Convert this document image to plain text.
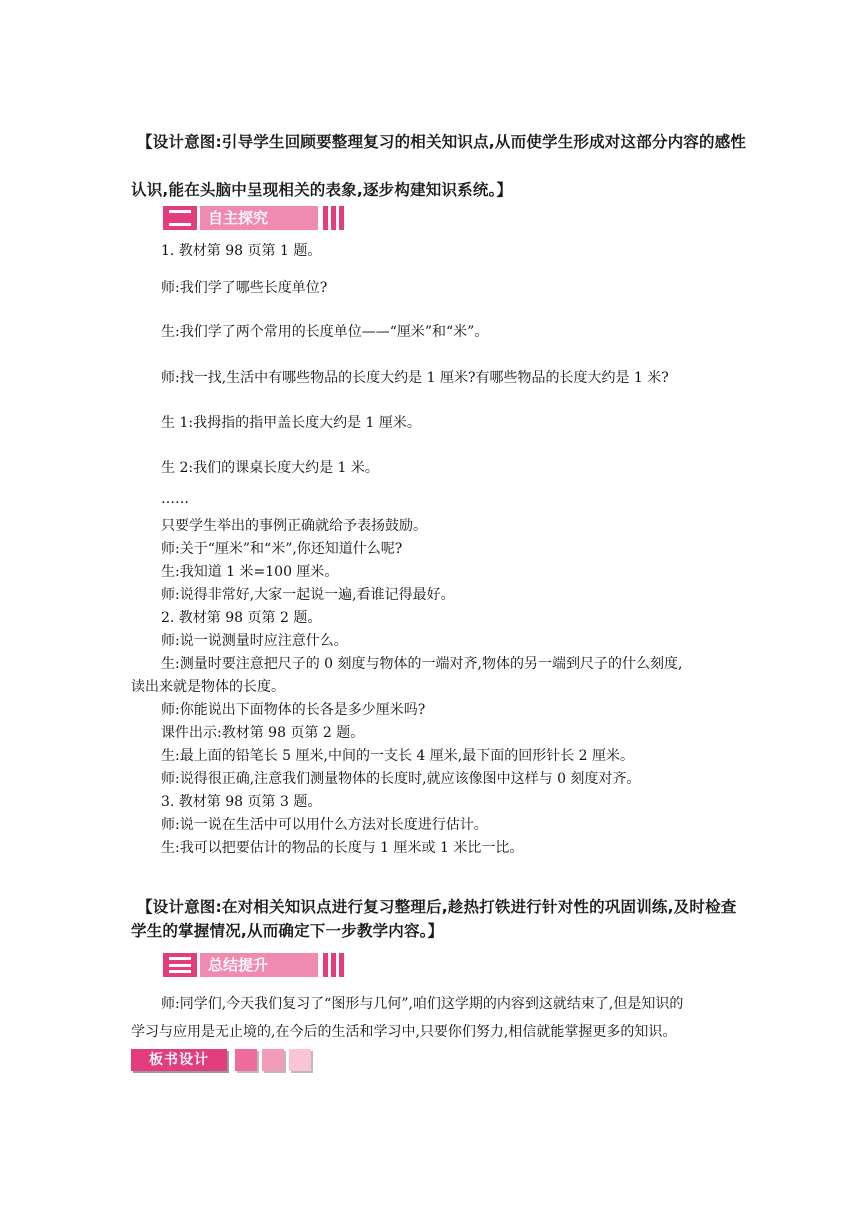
【设计意图:引导学生回顾要整理复习的相关知识点,从而使学生形成对这部分内容的感性认识,能在头脑中呈现相关的表象,逐步构建知识系统。】
自主探究

1. 教材第 98 页第 1 题。

师:我们学了哪些长度单位?

生:我们学了两个常用的长度单位——“厘米”和“米”。

师:找一找,生活中有哪些物品的长度大约是 1 厘米?有哪些物品的长度大约是 1 米?

生 1:我拇指的指甲盖长度大约是 1 厘米。

生 2:我们的课桌长度大约是 1 米。

……

只要学生举出的事例正确就给予表扬鼓励。

师:关于“厘米”和“米”,你还知道什么呢?

生:我知道 1 米=100 厘米。

师:说得非常好,大家一起说一遍,看谁记得最好。

2. 教材第 98 页第 2 题。

师:说一说测量时应注意什么。

生:测量时要注意把尺子的 0 刻度与物体的一端对齐,物体的另一端到尺子的什么刻度,

读出来就是物体的长度。

师:你能说出下面物体的长各是多少厘米吗?

课件出示:教材第 98 页第 2 题。

生:最上面的铅笔长 5 厘米,中间的一支长 4 厘米,最下面的回形针长 2 厘米。

师:说得很正确,注意我们测量物体的长度时,就应该像图中这样与 0 刻度对齐。

3. 教材第 98 页第 3 题。

师:说一说在生活中可以用什么方法对长度进行估计。

生:我可以把要估计的物品的长度与 1 厘米或 1 米比一比。

【设计意图:在对相关知识点进行复习整理后,趁热打铁进行针对性的巩固训练,及时检查学生的掌握情况,从而确定下一步教学内容。】
总结提升

师:同学们,今天我们复习了“图形与几何”,咱们这学期的内容到这就结束了,但是知识的

学习与应用是无止境的,在今后的生活和学习中,只要你们努力,相信就能掌握更多的知识。

板书设计
